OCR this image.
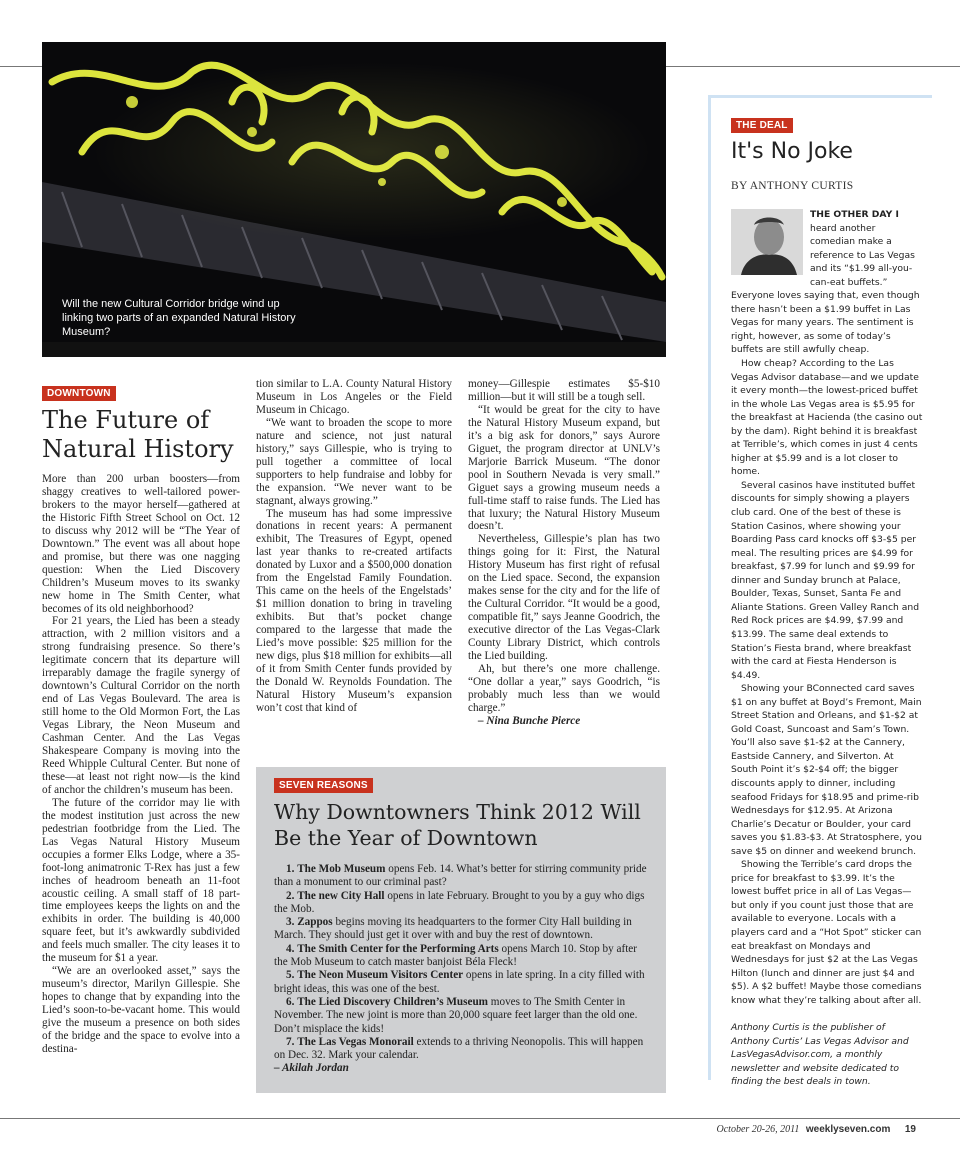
Will the new Cultural Corridor bridge wind up linking two parts of an expanded Natural History Museum?
DOWNTOWN
The Future of Natural History

More than 200 urban boosters—from shaggy creatives to well-tailored power-brokers to the mayor herself—gathered at the Historic Fifth Street School on Oct. 12 to discuss why 2012 will be “The Year of Downtown.” The event was all about hope and promise, but there was one nagging question: When the Lied Discovery Children’s Museum moves to its swanky new home in The Smith Center, what becomes of its old neighborhood?

For 21 years, the Lied has been a steady attraction, with 2 million visitors and a strong fundraising presence. So there’s legitimate concern that its departure will irreparably damage the fragile synergy of downtown’s Cultural Corridor on the north end of Las Vegas Boulevard. The area is still home to the Old Mormon Fort, the Las Vegas Library, the Neon Museum and Cashman Center. And the Las Vegas Shakespeare Company is moving into the Reed Whipple Cultural Center. But none of these—at least not right now—is the kind of anchor the children’s museum has been.

The future of the corridor may lie with the modest institution just across the new pedestrian footbridge from the Lied. The Las Vegas Natural History Museum occupies a former Elks Lodge, where a 35-foot-long animatronic T-Rex has just a few inches of headroom beneath an 11-foot acoustic ceiling. A small staff of 18 part-time employees keeps the lights on and the exhibits in order. The building is 40,000 square feet, but it’s awkwardly subdivided and feels much smaller. The city leases it to the museum for $1 a year.

“We are an overlooked asset,” says the museum’s director, Marilyn Gillespie. She hopes to change that by expanding into the Lied’s soon-to-be-vacant home. This would give the museum a presence on both sides of the bridge and the space to evolve into a destina-

tion similar to L.A. County Natural History Museum in Los Angeles or the Field Museum in Chicago.

“We want to broaden the scope to more nature and science, not just natural history,” says Gillespie, who is trying to pull together a committee of local supporters to help fundraise and lobby for the expansion. “We never want to be stagnant, always growing.”

The museum has had some impressive donations in recent years: A permanent exhibit, The Treasures of Egypt, opened last year thanks to re-created artifacts donated by Luxor and a $500,000 donation from the Engelstad Family Foundation. This came on the heels of the Engelstads’ $1 million donation to bring in traveling exhibits. But that’s pocket change compared to the largesse that made the Lied’s move possible: $25 million for the new digs, plus $18 million for exhibits—all of it from Smith Center funds provided by the Donald W. Reynolds Foundation. The Natural History Museum’s expansion won’t cost that kind of

money—Gillespie estimates $5-$10 million—but it will still be a tough sell.

“It would be great for the city to have the Natural History Museum expand, but it’s a big ask for donors,” says Aurore Giguet, the program director at UNLV’s Marjorie Barrick Museum. “The donor pool in Southern Nevada is very small.” Giguet says a growing museum needs a full-time staff to raise funds. The Lied has that luxury; the Natural History Museum doesn’t.

Nevertheless, Gillespie’s plan has two things going for it: First, the Natural History Museum has first right of refusal on the Lied space. Second, the expansion makes sense for the city and for the life of the Cultural Corridor. “It would be a good, compatible fit,” says Jeanne Goodrich, the executive director of the Las Vegas-Clark County Library District, which controls the Lied building.

Ah, but there’s one more challenge. “One dollar a year,” says Goodrich, “is probably much less than we would charge.”

– Nina Bunche Pierce

SEVEN REASONS
Why Downtowners Think 2012 Will Be the Year of Downtown

1. The Mob Museum opens Feb. 14. What’s better for stirring community pride than a monument to our criminal past?

2. The new City Hall opens in late February. Brought to you by a guy who digs the Mob.

3. Zappos begins moving its headquarters to the former City Hall building in March. They should just get it over with and buy the rest of downtown.

4. The Smith Center for the Performing Arts opens March 10. Stop by after the Mob Museum to catch master banjoist Béla Fleck!

5. The Neon Museum Visitors Center opens in late spring. In a city filled with bright ideas, this was one of the best.

6. The Lied Discovery Children’s Museum moves to The Smith Center in November. The new joint is more than 20,000 square feet larger than the old one. Don’t misplace the kids!

7. The Las Vegas Monorail extends to a thriving Neonopolis. This will happen on Dec. 32. Mark your calendar.

– Akilah Jordan

THE DEAL
It's No Joke
BY ANTHONY CURTIS

THE OTHER DAY I heard another comedian make a reference to Las Vegas and its “$1.99 all-you-can-eat buffets.” Everyone loves saying that, even though there hasn’t been a $1.99 buffet in Las Vegas for many years. The sentiment is right, however, as some of today’s buffets are still awfully cheap.

How cheap? According to the Las Vegas Advisor database—and we update it every month—the lowest-priced buffet in the whole Las Vegas area is $5.95 for the breakfast at Hacienda (the casino out by the dam). Right behind it is breakfast at Terrible’s, which comes in just 4 cents higher at $5.99 and is a lot closer to home.

Several casinos have instituted buffet discounts for simply showing a players club card. One of the best of these is Station Casinos, where showing your Boarding Pass card knocks off $3-$5 per meal. The resulting prices are $4.99 for breakfast, $7.99 for lunch and $9.99 for dinner and Sunday brunch at Palace, Boulder, Texas, Sunset, Santa Fe and Aliante Stations. Green Valley Ranch and Red Rock prices are $4.99, $7.99 and $13.99. The same deal extends to Station’s Fiesta brand, where breakfast with the card at Fiesta Henderson is $4.49.

Showing your BConnected card saves $1 on any buffet at Boyd’s Fremont, Main Street Station and Orleans, and $1-$2 at Gold Coast, Suncoast and Sam’s Town. You’ll also save $1-$2 at the Cannery, Eastside Cannery, and Silverton. At South Point it’s $2-$4 off; the bigger discounts apply to dinner, including seafood Fridays for $18.95 and prime-rib Wednesdays for $12.95. At Arizona Charlie’s Decatur or Boulder, your card saves you $1.83-$3. At Stratosphere, you save $5 on dinner and weekend brunch.

Showing the Terrible’s card drops the price for breakfast to $3.99. It’s the lowest buffet price in all of Las Vegas—but only if you count just those that are available to everyone. Locals with a players card and a “Hot Spot” sticker can eat breakfast on Mondays and Wednesdays for just $2 at the Las Vegas Hilton (lunch and dinner are just $4 and $5). A $2 buffet! Maybe those comedians know what they’re talking about after all.

Anthony Curtis is the publisher of Anthony Curtis’ Las Vegas Advisor and LasVegasAdvisor.com, a monthly newsletter and website dedicated to finding the best deals in town.

October 20-26, 2011 weeklyseven.com 19
